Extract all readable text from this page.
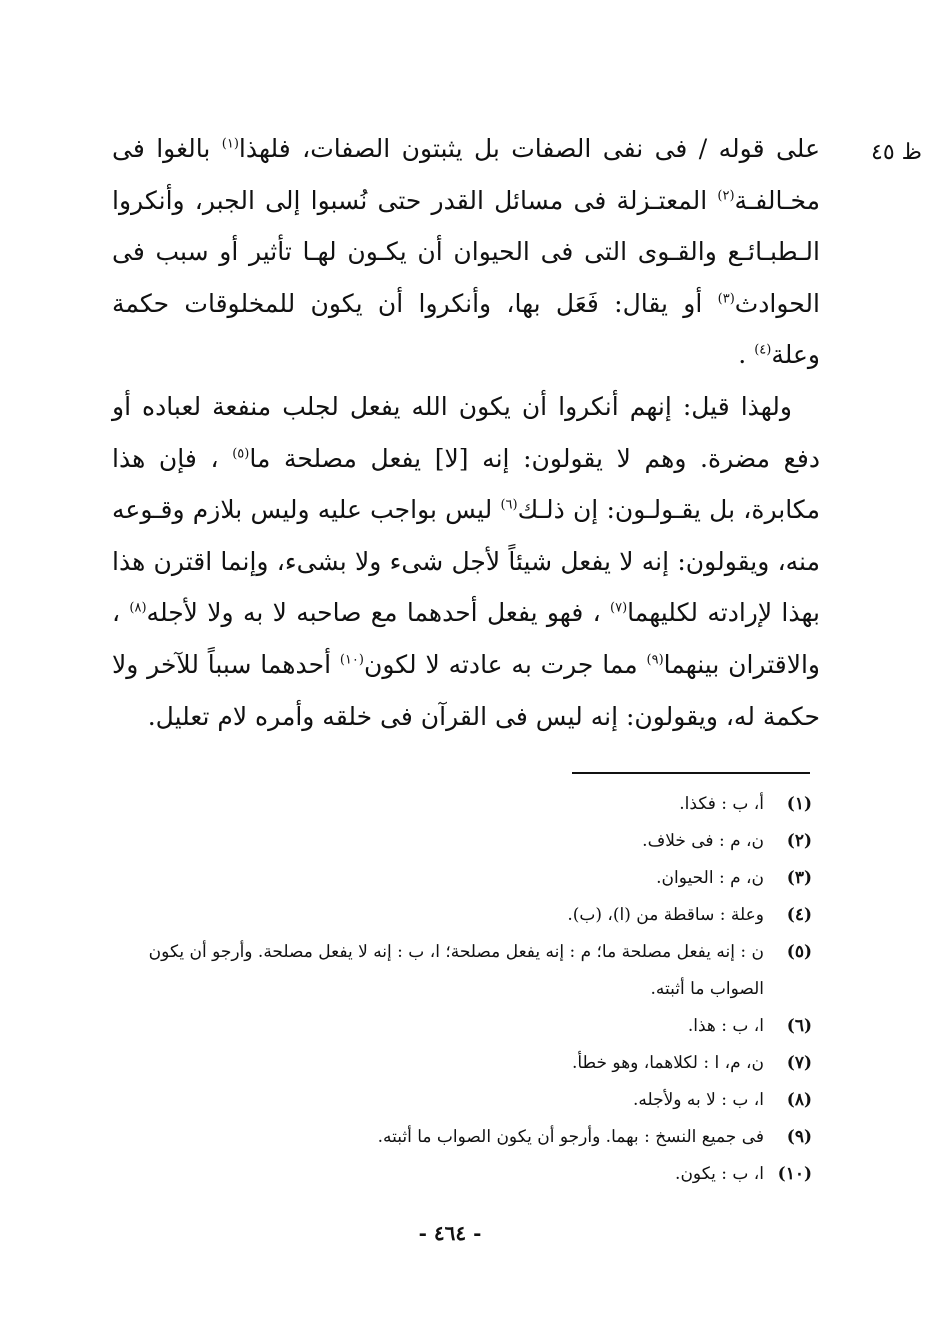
ظ ٤٥

على قوله / فى نفى الصفات بل يثبتون الصفات، فلهذا$^{(١)}$ بالغوا فى مخـالفـة$^{(٢)}$ المعتـزلة فى مسائل القدر حتى نُسبوا إلى الجبر، وأنكروا الـطبـائـع والقـوى التى فى الحيوان أن يكـون لهـا تأثير أو سبب فى الحوادث$^{(٣)}$ أو يقال: فَعَل بها، وأنكروا أن يكون للمخلوقات حكمة وعلة$^{(٤)}$ .

ولهذا قيل: إنهم أنكروا أن يكون الله يفعل لجلب منفعة لعباده أو دفع مضرة. وهم لا يقولون: إنه [لا] يفعل مصلحة ما$^{(٥)}$ ، فإن هذا مكابرة، بل يقـولـون: إن ذلـك$^{(٦)}$ ليس بواجب عليه وليس بلازم وقـوعه منه، ويقولون: إنه لا يفعل شيئاً لأجل شىء ولا بشىء، وإنما اقترن هذا بهذا لإرادته لكليهما$^{(٧)}$ ، فهو يفعل أحدهما مع صاحبه لا به ولا لأجله$^{(٨)}$ ، والاقتران بينهما$^{(٩)}$ مما جرت به عادته لا لكون$^{(١٠)}$ أحدهما سبباً للآخر ولا حكمة له، ويقولون: إنه ليس فى القرآن فى خلقه وأمره لام تعليل.

(١)
أ، ب : فكذا.
(٢)
ن، م : فى خلاف.
(٣)
ن، م : الحيوان.
(٤)
وعلة : ساقطة من (ا)، (ب).
(٥)
ن : إنه يفعل مصلحة ما؛ م : إنه يفعل مصلحة؛ ا، ب : إنه لا يفعل مصلحة. وأرجو أن يكون الصواب ما أثبته.
(٦)
ا، ب : هذا.
(٧)
ن، م، ا : لكلاهما، وهو خطأ.
(٨)
ا، ب : لا به ولأجله.
(٩)
فى جميع النسخ : بهما. وأرجو أن يكون الصواب ما أثبته.
(١٠)
ا، ب : يكون.
- ٤٦٤ -
